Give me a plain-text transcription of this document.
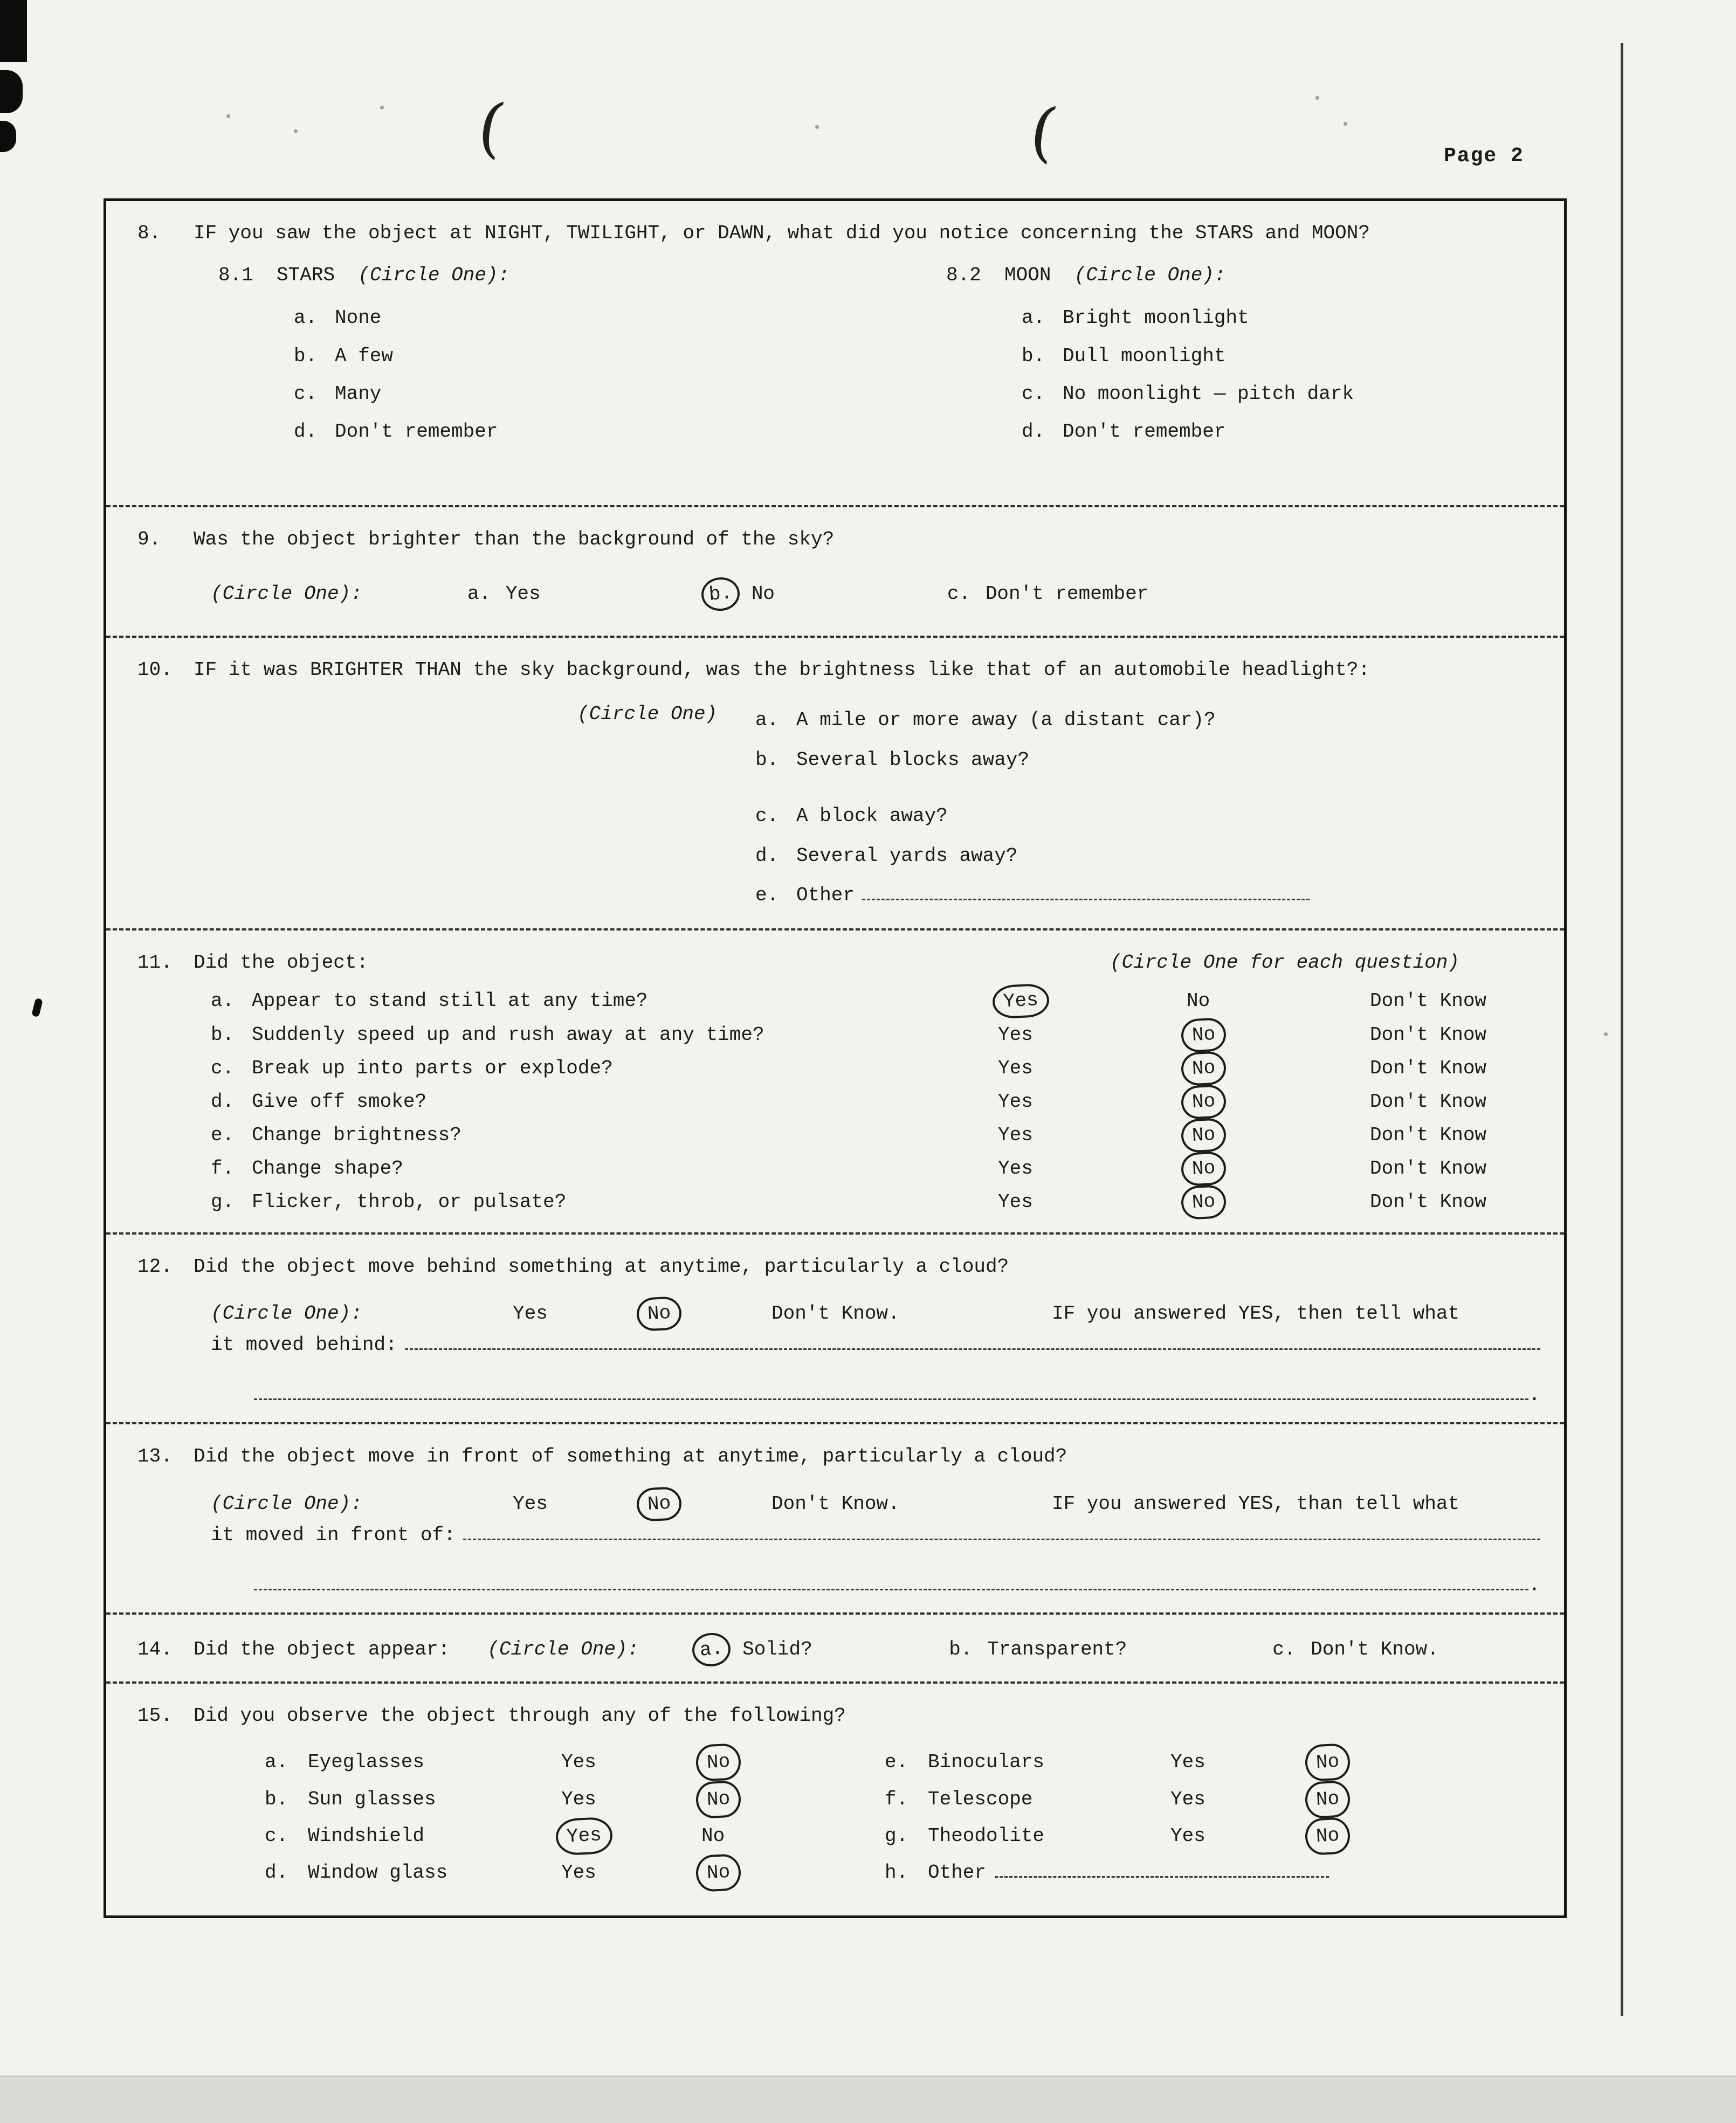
(	(	Page 2
8.	IF you saw the object at NIGHT, TWILIGHT, or DAWN, what did you notice concerning the STARS and MOON?
8.1 STARS (Circle One):
a. None
b. A few
c. Many
d. Don't remember
8.2 MOON (Circle One):
a. Bright moonlight
b. Dull moonlight
c. No moonlight — pitch dark
d. Don't remember
9.	Was the object brighter than the background of the sky?
(Circle One):	a. Yes	b. No	c. Don't remember
10.	IF it was BRIGHTER THAN the sky background, was the brightness like that of an automobile headlight?:
(Circle One) a. A mile or more away (a distant car)?
b. Several blocks away?
c. A block away?
d. Several yards away?
e. Other
11.	Did the object:	(Circle One for each question)
a. Appear to stand still at any time?	Yes	No	Don't Know
b. Suddenly speed up and rush away at any time?	Yes	No	Don't Know
c. Break up into parts or explode?	Yes	No	Don't Know
d. Give off smoke?	Yes	No	Don't Know
e. Change brightness?	Yes	No	Don't Know
f. Change shape?	Yes	No	Don't Know
g. Flicker, throb, or pulsate?	Yes	No	Don't Know
12.	Did the object move behind something at anytime, particularly a cloud?
(Circle One):	Yes	No	Don't Know.	IF you answered YES, then tell what
it moved behind:
.
13.	Did the object move in front of something at anytime, particularly a cloud?
(Circle One):	Yes	No	Don't Know.	IF you answered YES, than tell what
it moved in front of:
.
14.	Did the object appear: (Circle One):	a. Solid?	b. Transparent?	c. Don't Know.
15.	Did you observe the object through any of the following?
a.	Eyeglasses	Yes	No	e.	Binoculars	Yes	No
b.	Sun glasses	Yes	No	f.	Telescope	Yes	No
c.	Windshield	Yes	No	g.	Theodolite	Yes	No
d.	Window glass	Yes	No	h.	Other
